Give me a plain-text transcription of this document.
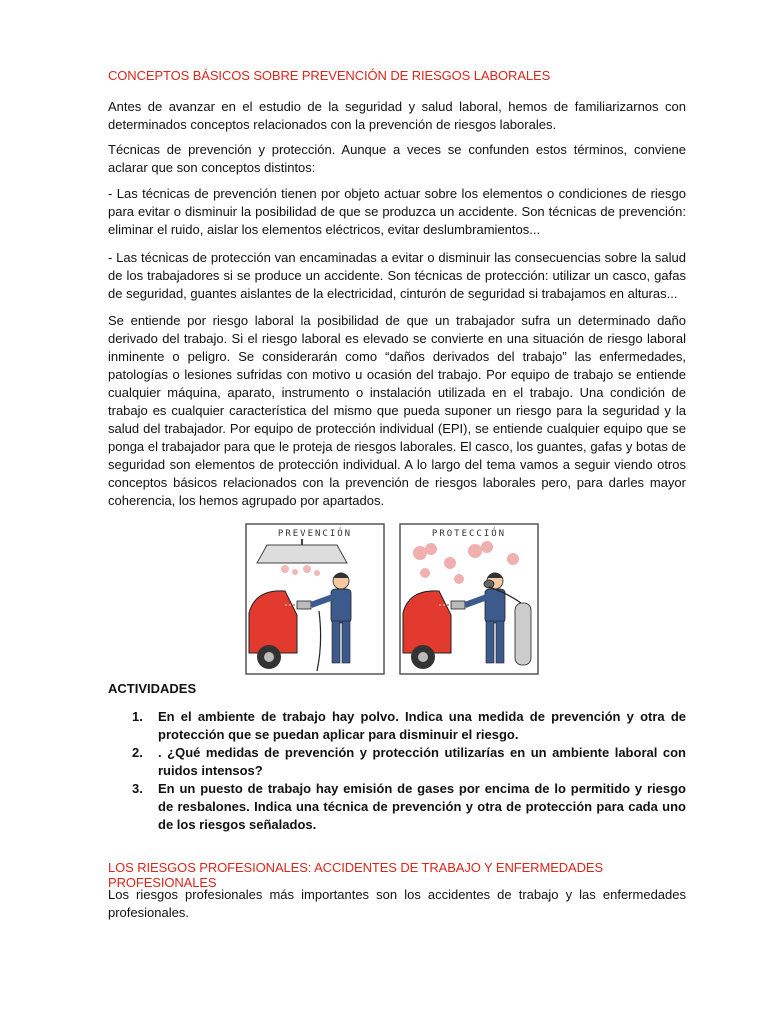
CONCEPTOS BÁSICOS SOBRE PREVENCIÓN DE RIESGOS LABORALES

Antes de avanzar en el estudio de la seguridad y salud laboral, hemos de familiarizarnos con determinados conceptos relacionados con la prevención de riesgos laborales.

Técnicas de prevención y protección. Aunque a veces se confunden estos términos, conviene aclarar que son conceptos distintos:

- Las técnicas de prevención tienen por objeto actuar sobre los elementos o condiciones de riesgo para evitar o disminuir la posibilidad de que se produzca un accidente. Son técnicas de prevención: eliminar el ruido, aislar los elementos eléctricos, evitar deslumbramientos...

- Las técnicas de protección van encaminadas a evitar o disminuir las consecuencias sobre la salud de los trabajadores si se produce un accidente. Son técnicas de protección: utilizar un casco, gafas de seguridad, guantes aislantes de la electricidad, cinturón de seguridad si trabajamos en alturas...

Se entiende por riesgo laboral la posibilidad de que un trabajador sufra un determinado daño derivado del trabajo. Si el riesgo laboral es elevado se convierte en una situación de riesgo laboral inminente o peligro. Se considerarán como “daños derivados del trabajo” las enfermedades, patologías o lesiones sufridas con motivo u ocasión del trabajo. Por equipo de trabajo se entiende cualquier máquina, aparato, instrumento o instalación utilizada en el trabajo. Una condición de trabajo es cualquier característica del mismo que pueda suponer un riesgo para la seguridad y la salud del trabajador. Por equipo de protección individual (EPI), se entiende cualquier equipo que se ponga el trabajador para que le proteja de riesgos laborales. El casco, los guantes, gafas y botas de seguridad son elementos de protección individual. A lo largo del tema vamos a seguir viendo otros conceptos básicos relacionados con la prevención de riesgos laborales pero, para darles mayor coherencia, los hemos agrupado por apartados.

PREVENCIÓN	PROTECCIÓN

ACTIVIDADES

1. En el ambiente de trabajo hay polvo. Indica una medida de prevención y otra de protección que se puedan aplicar para disminuir el riesgo.
2. . ¿Qué medidas de prevención y protección utilizarías en un ambiente laboral con ruidos intensos?
3. En un puesto de trabajo hay emisión de gases por encima de lo permitido y riesgo de resbalones. Indica una técnica de prevención y otra de protección para cada uno de los riesgos señalados.
LOS RIESGOS PROFESIONALES: ACCIDENTES DE TRABAJO Y ENFERMEDADES PROFESIONALES

Los riesgos profesionales más importantes son los accidentes de trabajo y las enfermedades profesionales.
